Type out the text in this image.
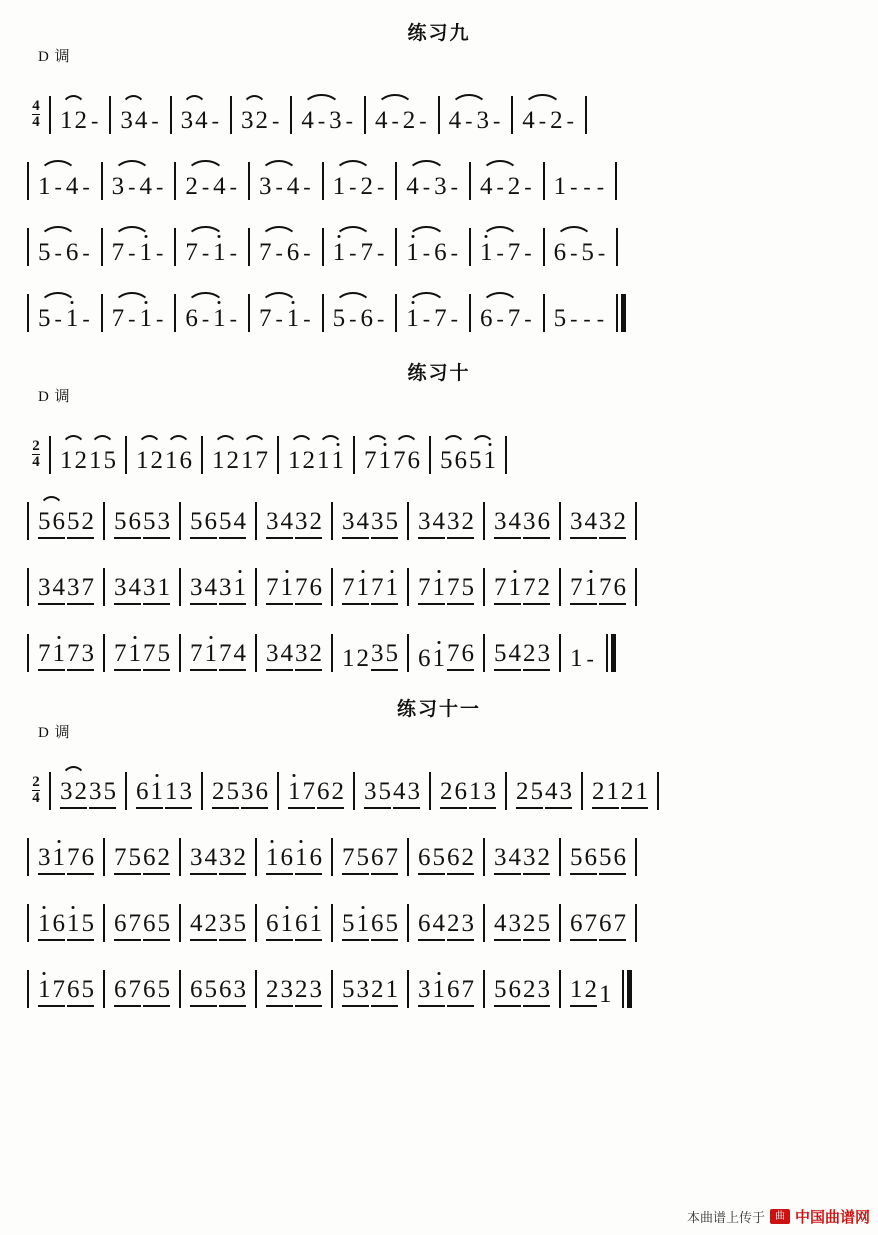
练习九
D 调
$\frac{4}{4} 1$ 2 - 3 4 - 3 4 - 3 2 - 4 - 3 - 4 - 2 - 4 - 3 - 4 - 2 -
1 - 4 - 3 - 4 - 2 - 4 - 3 - 4 - 1 - 2 - 4 - 3 - 4 - 2 - 1 - - -
5 - 6 - 7 - 1 - 7 - 1 - 7 - 6 - 1 - 7 - 1 - 6 - 1 - 7 - 6 - 5 -
5 - 1 - 7 - 1 - 6 - 1 - 7 - 1 - 5 - 6 - 1 - 7 - 6 - 7 - 5 - - -
练习十
D 调
$\frac{2}{4} 1$ 2 1 5 1 2 1 6 1 2 1 7 1 2 1 1 7 1 7 6 5 6 5 1
5 6 5 2 5 6 5 3 5 6 5 4 3 4 3 2 3 4 3 5 3 4 3 2 3 4 3 6 3 4 3 2
3 4 3 7 3 4 3 1 3 4 3 1 7 1 7 6 7 1 7 1 7 1 7 5 7 1 7 2 7 1 7 6
7 1 7 3 7 1 7 5 7 1 7 4 3 4 3 2 1 2 3 5 6 1 7 6 5 4 2 3 1 -
练习十一
D 调
$\frac{2}{4} 3$ 2 3 5 6 1 1 3 2 5 3 6 1 7 6 2 3 5 4 3 2 6 1 3 2 5 4 3 2 1 2 1
3 1 7 6 7 5 6 2 3 4 3 2 1 6 1 6 7 5 6 7 6 5 6 2 3 4 3 2 5 6 5 6
1 6 1 5 6 7 6 5 4 2 3 5 6 1 6 1 5 1 6 5 6 4 2 3 4 3 2 5 6 7 6 7
1 7 6 5 6 7 6 5 6 5 6 3 2 3 2 3 5 3 2 1 3 1 6 7 5 6 2 3 1 2 1
本曲谱上传于	曲 中国曲谱网
